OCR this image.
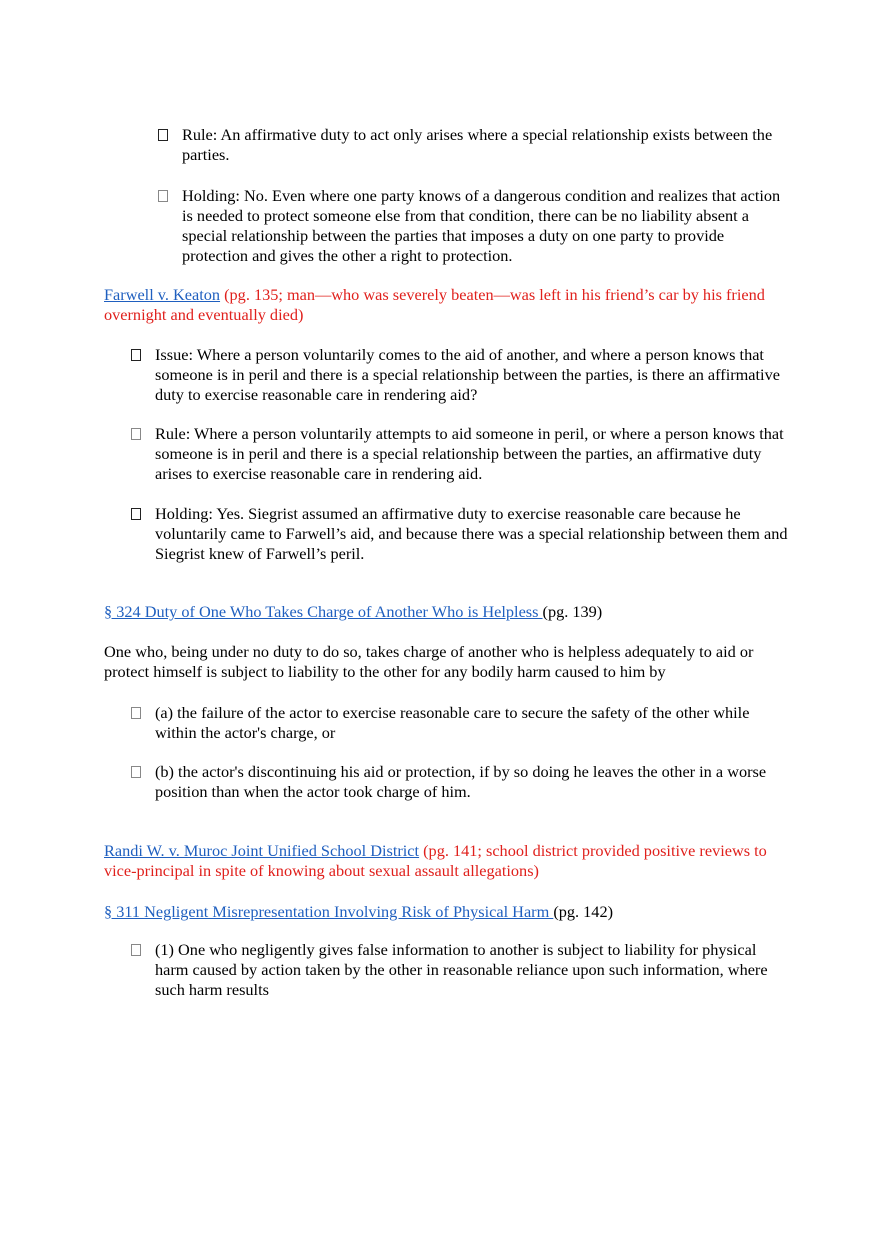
Rule: An affirmative duty to act only arises where a special relationship exists between the parties.
Holding: No. Even where one party knows of a dangerous condition and realizes that action is needed to protect someone else from that condition, there can be no liability absent a special relationship between the parties that imposes a duty on one party to provide protection and gives the other a right to protection.

Farwell v. Keaton (pg. 135; man—who was severely beaten—was left in his friend’s car by his friend overnight and eventually died)

Issue: Where a person voluntarily comes to the aid of another, and where a person knows that someone is in peril and there is a special relationship between the parties, is there an affirmative duty to exercise reasonable care in rendering aid?
Rule: Where a person voluntarily attempts to aid someone in peril, or where a person knows that someone is in peril and there is a special relationship between the parties, an affirmative duty arises to exercise reasonable care in rendering aid.
Holding: Yes. Siegrist assumed an affirmative duty to exercise reasonable care because he voluntarily came to Farwell’s aid, and because there was a special relationship between them and Siegrist knew of Farwell’s peril.

§ 324 Duty of One Who Takes Charge of Another Who is Helpless (pg. 139)

One who, being under no duty to do so, takes charge of another who is helpless adequately to aid or protect himself is subject to liability to the other for any bodily harm caused to him by

(a) the failure of the actor to exercise reasonable care to secure the safety of the other while within the actor's charge, or
(b) the actor's discontinuing his aid or protection, if by so doing he leaves the other in a worse position than when the actor took charge of him.

Randi W. v. Muroc Joint Unified School District (pg. 141; school district provided positive reviews to vice-principal in spite of knowing about sexual assault allegations)

§ 311 Negligent Misrepresentation Involving Risk of Physical Harm (pg. 142)

(1) One who negligently gives false information to another is subject to liability for physical harm caused by action taken by the other in reasonable reliance upon such information, where such harm results
